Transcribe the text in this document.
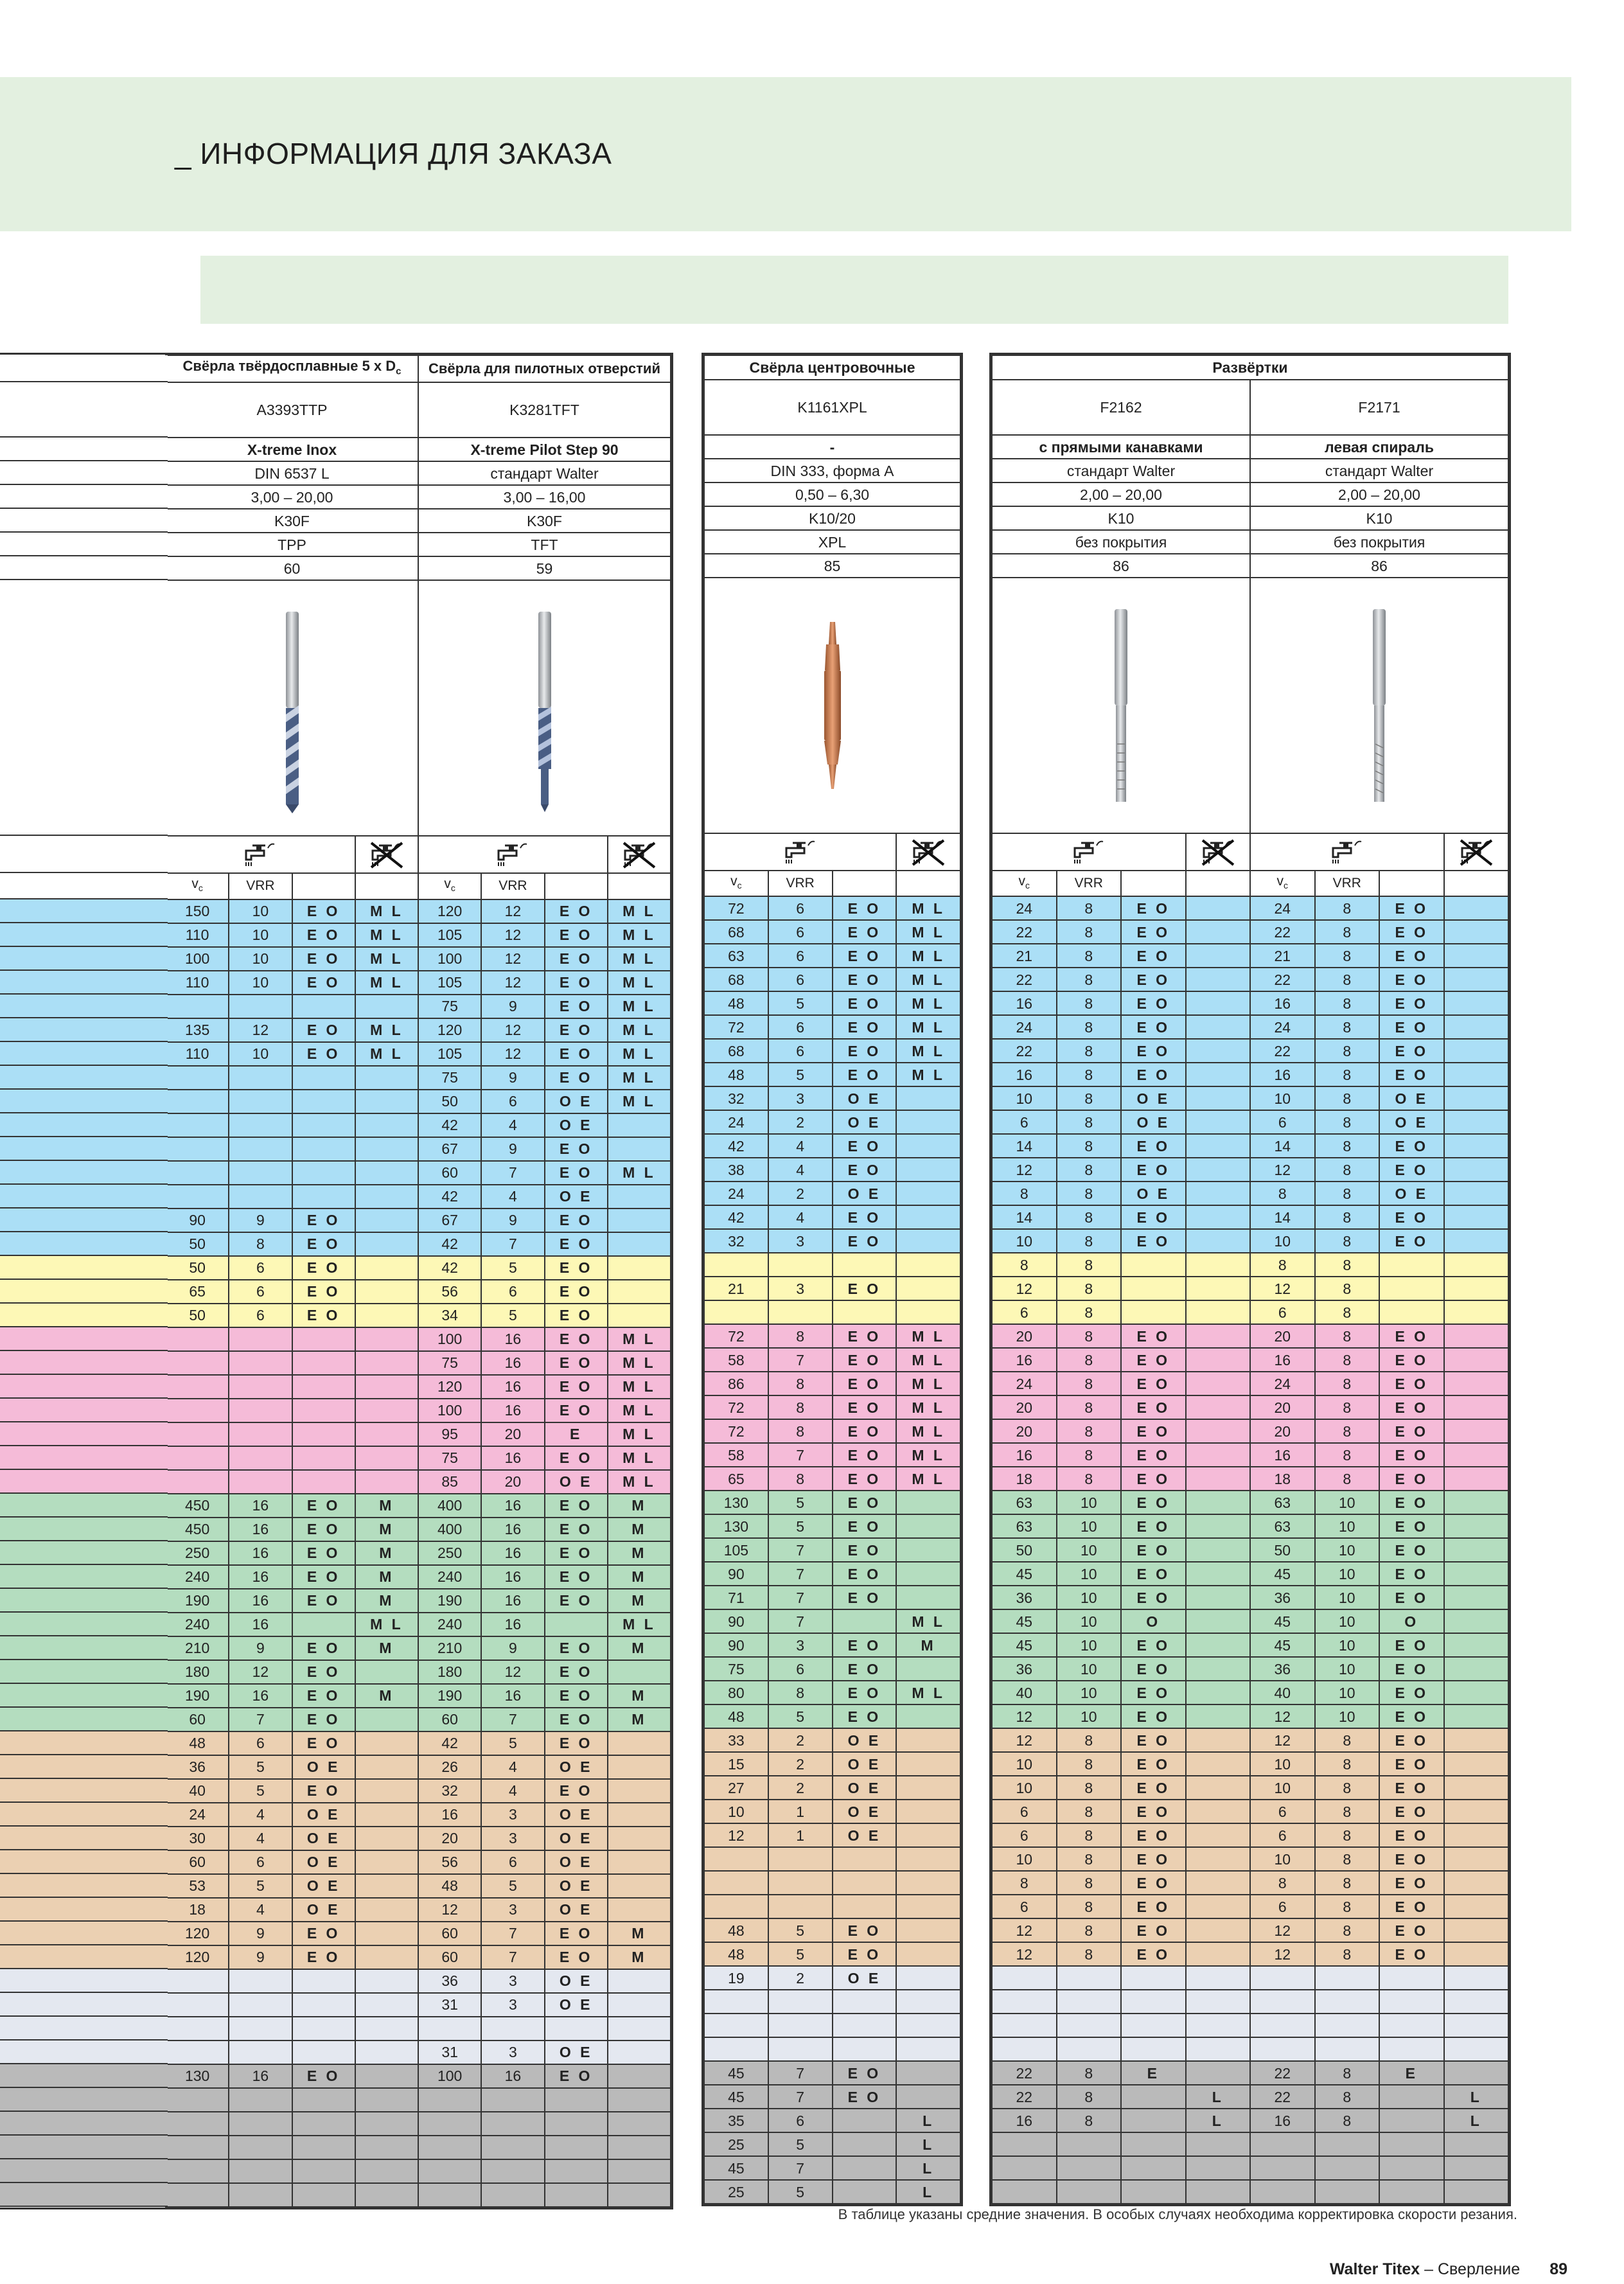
_ ИНФОРМАЦИЯ ДЛЯ ЗАКАЗА
Свёрла твёрдосплавные 5 x $D_c$				Свёрла для пилотных отверстий			
A3393TTP				K3281TFT			
X-treme Inox				X-treme Pilot Step 90			
DIN 6537 L				стандарт Walter			
3,00 – 20,00				3,00 – 16,00			
K30F				K30F			
TPP				TFT			
60				59			

$v_c$	VRR			$v_c$	VRR		
150	10	E O	M L	120	12	E O	M L
110	10	E O	M L	105	12	E O	M L
100	10	E O	M L	100	12	E O	M L
110	10	E O	M L	105	12	E O	M L
				75	9	E O	M L
135	12	E O	M L	120	12	E O	M L
110	10	E O	M L	105	12	E O	M L
				75	9	E O	M L
				50	6	O E	M L
				42	4	O E	
				67	9	E O	
				60	7	E O	M L
				42	4	O E	
90	9	E O		67	9	E O	
50	8	E O		42	7	E O	
50	6	E O		42	5	E O	
65	6	E O		56	6	E O	
50	6	E O		34	5	E O	
				100	16	E O	M L
				75	16	E O	M L
				120	16	E O	M L
				100	16	E O	M L
				95	20	E	M L
				75	16	E O	M L
				85	20	O E	M L
450	16	E O	M	400	16	E O	M
450	16	E O	M	400	16	E O	M
250	16	E O	M	250	16	E O	M
240	16	E O	M	240	16	E O	M
190	16	E O	M	190	16	E O	M
240	16		M L	240	16		M L
210	9	E O	M	210	9	E O	M
180	12	E O		180	12	E O	
190	16	E O	M	190	16	E O	M
60	7	E O		60	7	E O	M
48	6	E O		42	5	E O	
36	5	O E		26	4	O E	
40	5	E O		32	4	E O	
24	4	O E		16	3	O E	
30	4	O E		20	3	O E	
60	6	O E		56	6	O E	
53	5	O E		48	5	O E	
18	4	O E		12	3	O E	
120	9	E O		60	7	E O	M
120	9	E O		60	7	E O	M
				36	3	O E	
				31	3	O E	

				31	3	O E	
130	16	E O		100	16	E O	

Свёрла центровочные			
K1161XPL			
-			
DIN 333, форма A			
0,50 – 6,30			
K10/20			
XPL			
85			

$v_c$	VRR		
72	6	E O	M L
68	6	E O	M L
63	6	E O	M L
68	6	E O	M L
48	5	E O	M L
72	6	E O	M L
68	6	E O	M L
48	5	E O	M L
32	3	O E	
24	2	O E	
42	4	E O	
38	4	E O	
24	2	O E	
42	4	E O	
32	3	E O	

21	3	E O	

72	8	E O	M L
58	7	E O	M L
86	8	E O	M L
72	8	E O	M L
72	8	E O	M L
58	7	E O	M L
65	8	E O	M L
130	5	E O	
130	5	E O	
105	7	E O	
90	7	E O	
71	7	E O	
90	7		M L
90	3	E O	M
75	6	E O	
80	8	E O	M L
48	5	E O	
33	2	O E	
15	2	O E	
27	2	O E	
10	1	O E	
12	1	O E	

48	5	E O	
48	5	E O	
19	2	O E	

45	7	E O	
45	7	E O	
35	6		L
25	5		L
45	7		L
25	5		L
Развёртки							
F2162				F2171			
с прямыми канавками				левая спираль			
стандарт Walter				стандарт Walter			
2,00 – 20,00				2,00 – 20,00			
K10				K10			
без покрытия				без покрытия			
86				86			

$v_c$	VRR			$v_c$	VRR		
24	8	E O		24	8	E O	
22	8	E O		22	8	E O	
21	8	E O		21	8	E O	
22	8	E O		22	8	E O	
16	8	E O		16	8	E O	
24	8	E O		24	8	E O	
22	8	E O		22	8	E O	
16	8	E O		16	8	E O	
10	8	O E		10	8	O E	
6	8	O E		6	8	O E	
14	8	E O		14	8	E O	
12	8	E O		12	8	E O	
8	8	O E		8	8	O E	
14	8	E O		14	8	E O	
10	8	E O		10	8	E O	
8	8			8	8		
12	8			12	8		
6	8			6	8		
20	8	E O		20	8	E O	
16	8	E O		16	8	E O	
24	8	E O		24	8	E O	
20	8	E O		20	8	E O	
20	8	E O		20	8	E O	
16	8	E O		16	8	E O	
18	8	E O		18	8	E O	
63	10	E O		63	10	E O	
63	10	E O		63	10	E O	
50	10	E O		50	10	E O	
45	10	E O		45	10	E O	
36	10	E O		36	10	E O	
45	10	O		45	10	O	
45	10	E O		45	10	E O	
36	10	E O		36	10	E O	
40	10	E O		40	10	E O	
12	10	E O		12	10	E O	
12	8	E O		12	8	E O	
10	8	E O		10	8	E O	
10	8	E O		10	8	E O	
6	8	E O		6	8	E O	
6	8	E O		6	8	E O	
10	8	E O		10	8	E O	
8	8	E O		8	8	E O	
6	8	E O		6	8	E O	
12	8	E O		12	8	E O	
12	8	E O		12	8	E O	

22	8	E		22	8	E	
22	8		L	22	8		L
16	8		L	16	8		L

В таблице указаны средние значения. В особых случаях необходима корректировка скорости резания.
Walter Titex – Сверление 89
